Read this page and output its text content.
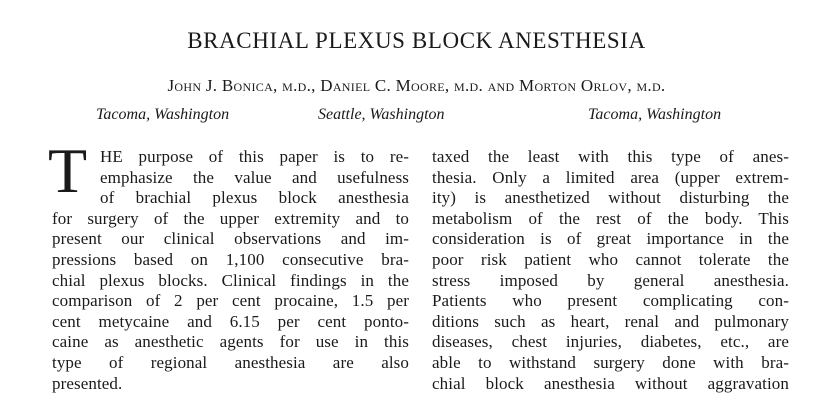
BRACHIAL PLEXUS BLOCK ANESTHESIA
John J. Bonica, m.d., Daniel C. Moore, m.d. and Morton Orlov, m.d.
Tacoma, Washington	Seattle, Washington	Tacoma, Washington
T HE purpose of this paper is to re-
emphasize the value and usefulness
of brachial plexus block anesthesia
for surgery of the upper extremity and to
present our clinical observations and im-
pressions based on 1,100 consecutive bra-
chial plexus blocks. Clinical findings in the
comparison of 2 per cent procaine, 1.5 per
cent metycaine and 6.15 per cent ponto-
caine as anesthetic agents for use in this
type of regional anesthesia are also
presented.
taxed the least with this type of anes-
thesia. Only a limited area (upper extrem-
ity) is anesthetized without disturbing the
metabolism of the rest of the body. This
consideration is of great importance in the
poor risk patient who cannot tolerate the
stress imposed by general anesthesia.
Patients who present complicating con-
ditions such as heart, renal and pulmonary
diseases, chest injuries, diabetes, etc., are
able to withstand surgery done with bra-
chial block anesthesia without aggravation
